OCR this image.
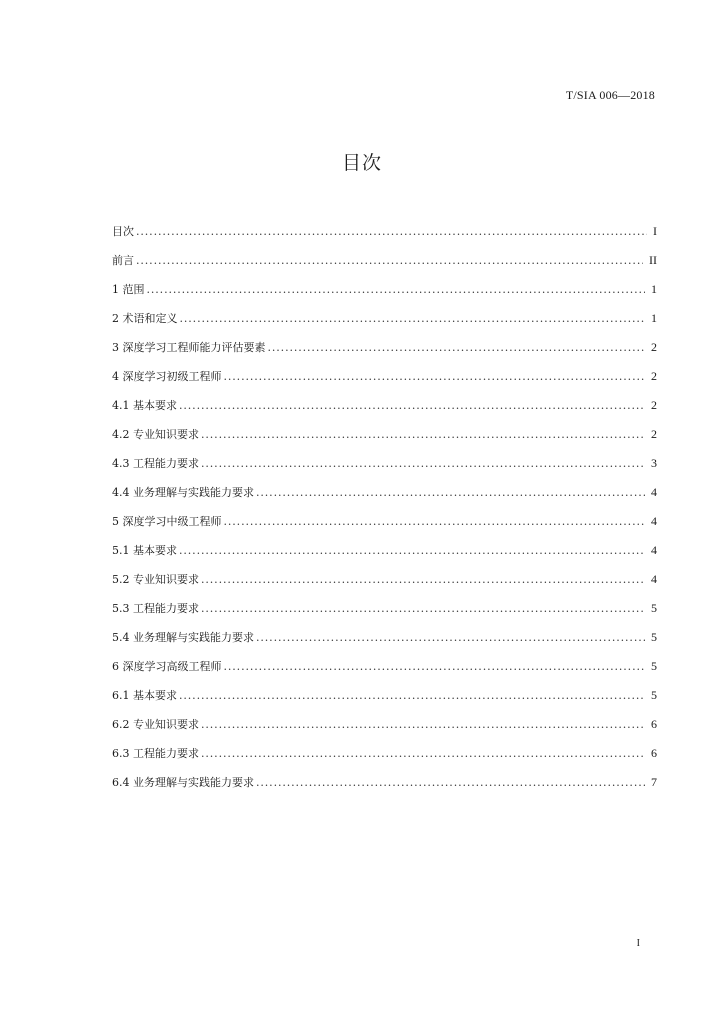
T/SIA 006—2018
目次
目次 . . .	I
前言 . . .	II
1 范围 . . .	1
2 术语和定义 . . .	1
3 深度学习工程师能力评估要素 . . .	2
4 深度学习初级工程师 . . .	2
4.1 基本要求 . . .	2
4.2 专业知识要求 . . .	2
4.3 工程能力要求 . . .	3
4.4 业务理解与实践能力要求 . . .	4
5 深度学习中级工程师 . . .	4
5.1 基本要求 . . .	4
5.2 专业知识要求 . . .	4
5.3 工程能力要求 . . .	5
5.4 业务理解与实践能力要求 . . .	5
6 深度学习高级工程师 . . .	5
6.1 基本要求 . . .	5
6.2 专业知识要求 . . .	6
6.3 工程能力要求 . . .	6
6.4 业务理解与实践能力要求 . . .	7
I
